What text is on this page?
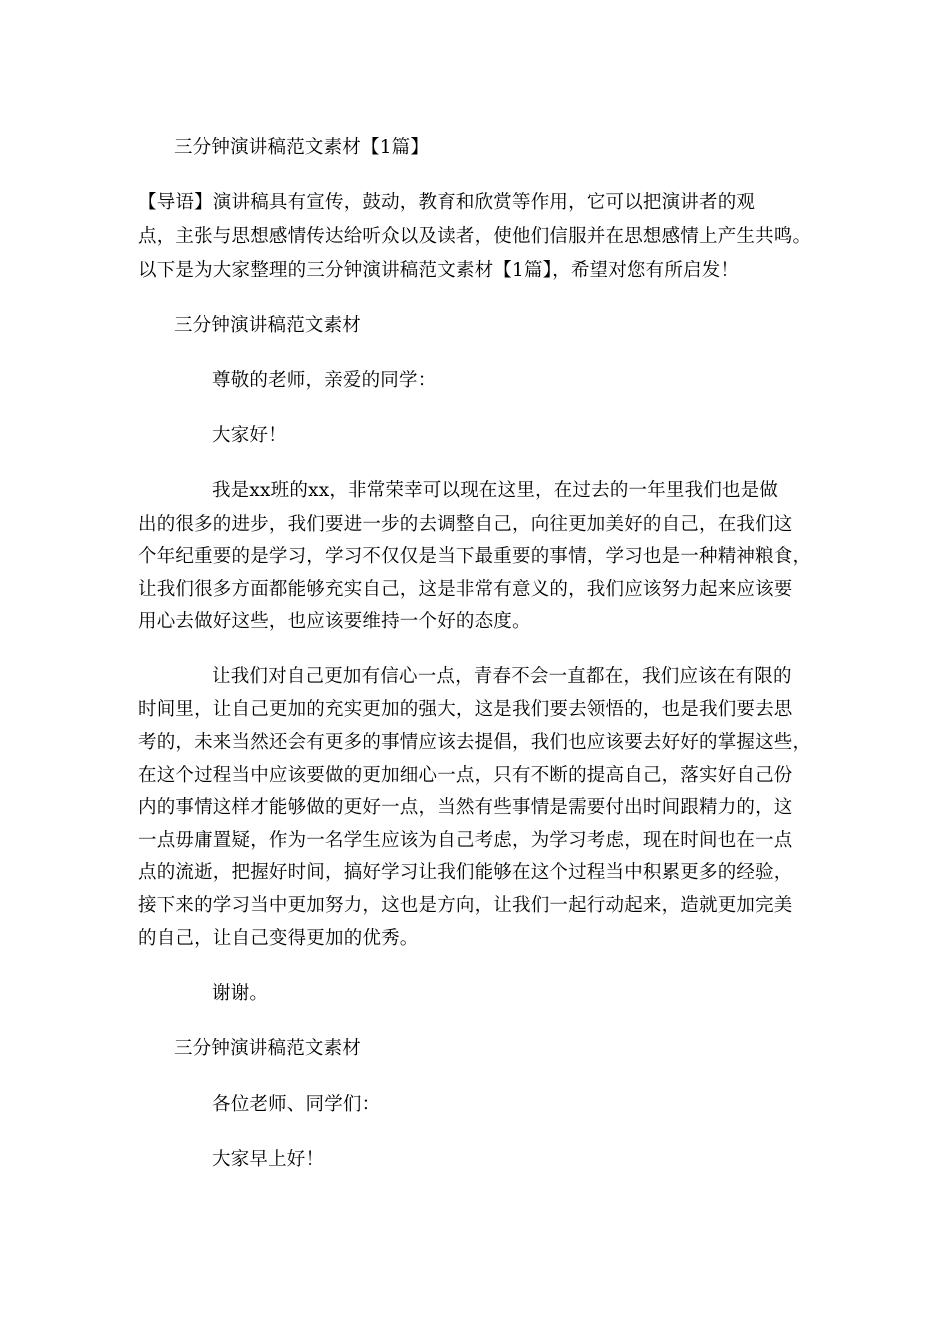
三分钟演讲稿范文素材【1篇】
【导语】演讲稿具有宣传，鼓动，教育和欣赏等作用，它可以把演讲者的观
点，主张与思想感情传达给听众以及读者，使他们信服并在思想感情上产生共鸣。
以下是为大家整理的三分钟演讲稿范文素材【1篇】，希望对您有所启发！
三分钟演讲稿范文素材
尊敬的老师，亲爱的同学：
大家好！
我是xx班的xx，非常荣幸可以现在这里，在过去的一年里我们也是做
出的很多的进步，我们要进一步的去调整自己，向往更加美好的自己，在我们这
个年纪重要的是学习，学习不仅仅是当下最重要的事情，学习也是一种精神粮食，
让我们很多方面都能够充实自己，这是非常有意义的，我们应该努力起来应该要
用心去做好这些，也应该要维持一个好的态度。
让我们对自己更加有信心一点，青春不会一直都在，我们应该在有限的
时间里，让自己更加的充实更加的强大，这是我们要去领悟的，也是我们要去思
考的，未来当然还会有更多的事情应该去提倡，我们也应该要去好好的掌握这些，
在这个过程当中应该要做的更加细心一点，只有不断的提高自己，落实好自己份
内的事情这样才能够做的更好一点，当然有些事情是需要付出时间跟精力的，这
一点毋庸置疑，作为一名学生应该为自己考虑，为学习考虑，现在时间也在一点
点的流逝，把握好时间，搞好学习让我们能够在这个过程当中积累更多的经验，
接下来的学习当中更加努力，这也是方向，让我们一起行动起来，造就更加完美
的自己，让自己变得更加的优秀。
谢谢。
三分钟演讲稿范文素材
各位老师、同学们：
大家早上好！
